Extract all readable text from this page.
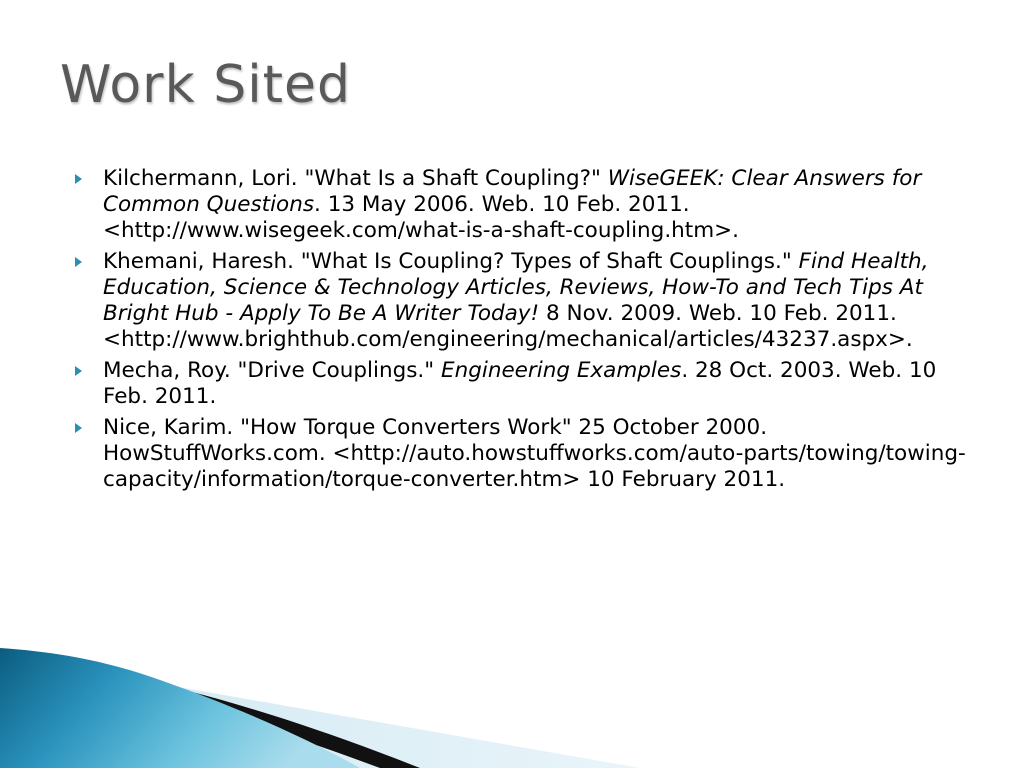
Work Sited
Kilchermann, Lori. "What Is a Shaft Coupling?" WiseGEEK: Clear Answers for Common Questions. 13 May 2006. Web. 10 Feb. 2011. <http://www.wisegeek.com/what-is-a-shaft-coupling.htm>.
Khemani, Haresh. "What Is Coupling? Types of Shaft Couplings." Find Health, Education, Science & Technology Articles, Reviews, How-To and Tech Tips At Bright Hub - Apply To Be A Writer Today! 8 Nov. 2009. Web. 10 Feb. 2011. <http://www.brighthub.com/engineering/mechanical/articles/43237.aspx>.
Mecha, Roy. "Drive Couplings." Engineering Examples. 28 Oct. 2003. Web. 10 Feb. 2011.
Nice, Karim. "How Torque Converters Work" 25 October 2000. HowStuffWorks.com. <http://auto.howstuffworks.com/auto-parts/towing/towing-capacity/information/torque-converter.htm> 10 February 2011.
